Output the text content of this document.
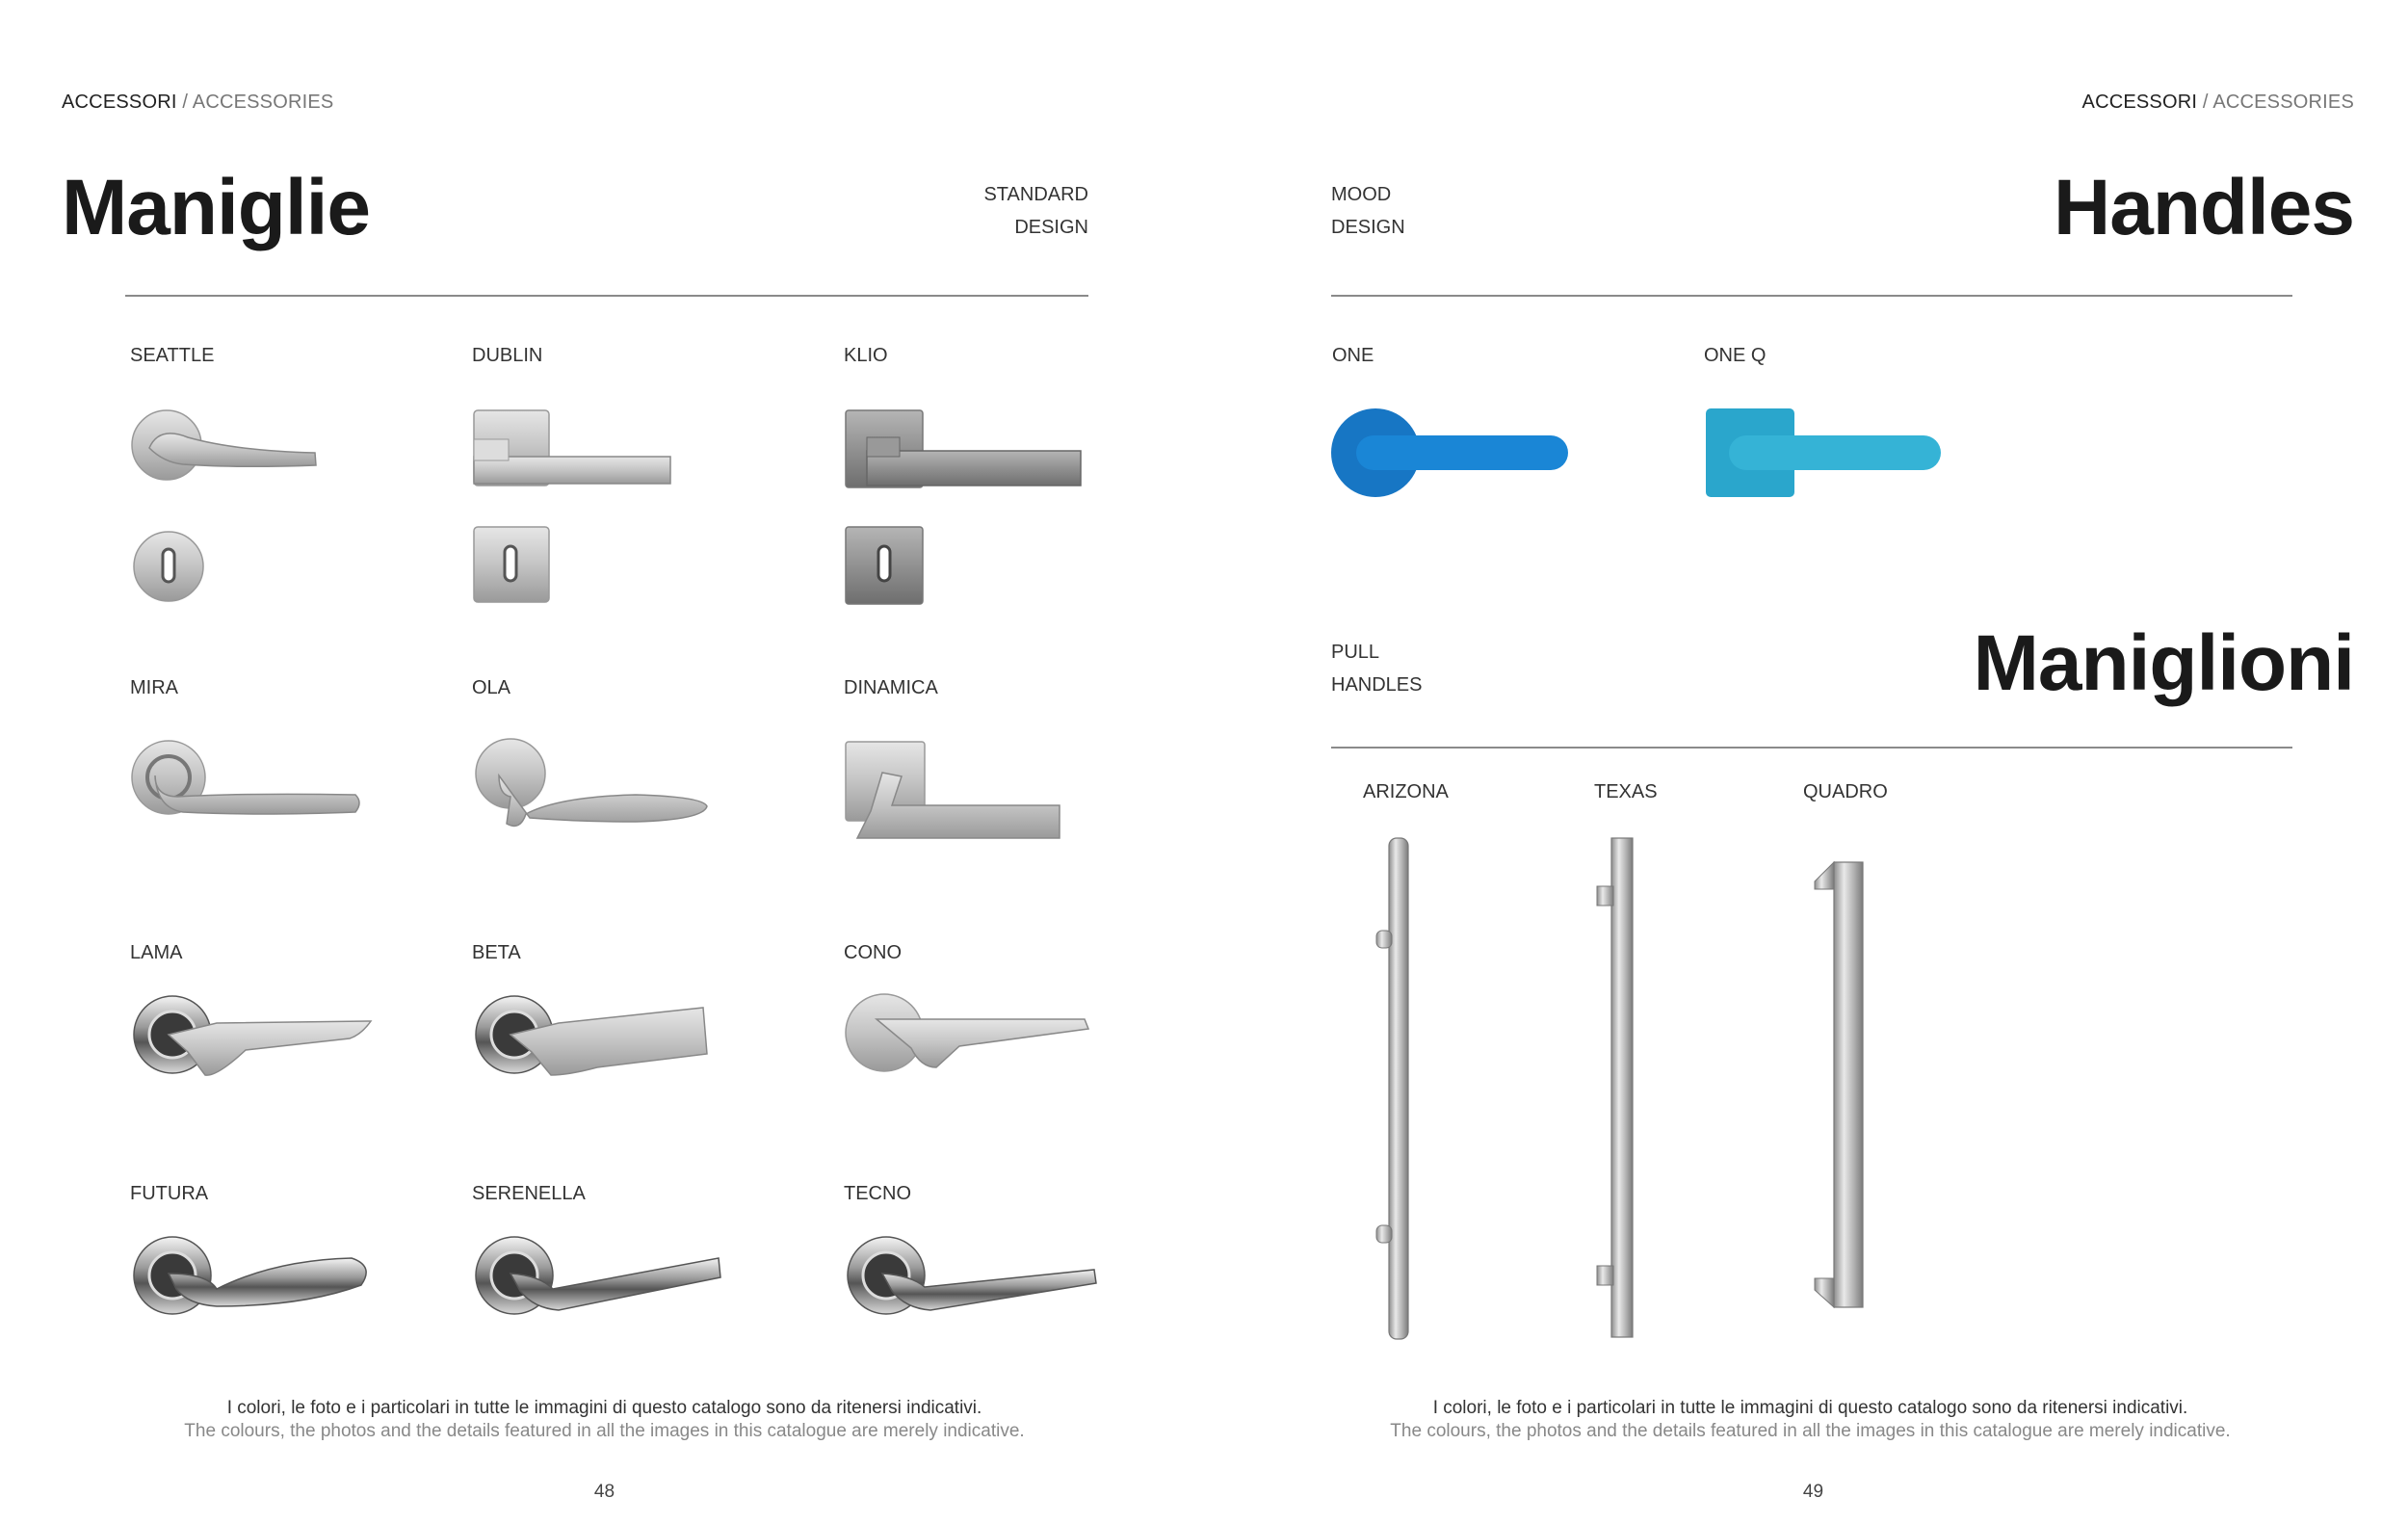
ACCESSORI / ACCESSORIES
Maniglie	STANDARD
DESIGN
SEATTLE	DUBLIN	KLIO
MIRA	OLA	DINAMICA
LAMA	BETA	CONO
FUTURA	SERENELLA	TECNO
I colori, le foto e i particolari in tutte le immagini di questo catalogo sono da ritenersi indicativi.
The colours, the photos and the details featured in all the images in this catalogue are merely indicative.
48
ACCESSORI / ACCESSORIES
MOOD
DESIGN	Handles
ONE	ONE Q
PULL
HANDLES	Maniglioni
ARIZONA	TEXAS	QUADRO
I colori, le foto e i particolari in tutte le immagini di questo catalogo sono da ritenersi indicativi.
The colours, the photos and the details featured in all the images in this catalogue are merely indicative.
49
